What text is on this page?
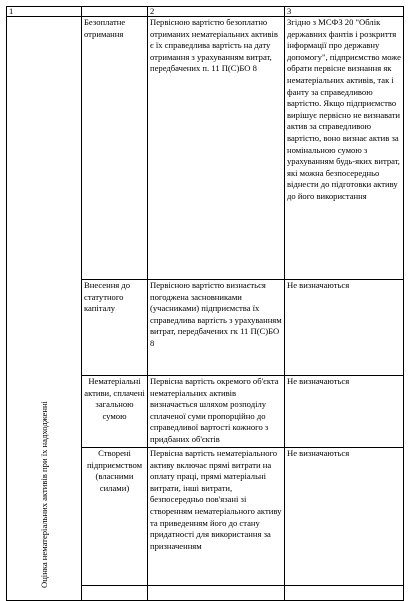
1		2	3

Оцінка нематеріальних активів при їх надходженні	Безоплатне отримання	Первісною вартістю безоплатно отриманих нематеріальних активів є їх справедлива вартість на дату отримання з урахуванням витрат, передбачених п. 11 П(С)БО 8	Згідно з МСФЗ 20 "Облік державних фантів і розкриття інформації про державну допомогу", підприємство може обрати первісне визнання як нематеріальних активів, так і фанту за справедливою вартістю. Якщо підприємство вирішує первісно не визнавати актив за справедливою вартістю, воно визнає актив за номінальною сумою з урахуванням будь-яких витрат, які можна безпосередньо віднести до підготовки активу до його використання
	Внесення до статутного капіталу	Первісною вартістю визнається погоджена засновниками (учасниками) підприємства їх справедлива вартість з урахуванням витрат, передбачених гк 11 П(С)БО 8	Не визначаються
	Нематеріальні активи, сплачені загальною сумою	Первісна вартість окремого об'єкта нематеріальних активів визначається шляхом розподілу сплаченої суми пропорційно до справедливої вартості кожного з придбаних об'єктів	Не визначаються
	Створені підприємством (власними силами)	Первісна вартість нематеріального активу включає прямі витрати на оплату праці, прямі матеріальні витрати, інші витрати, безпосередньо пов'язані зі створенням нематеріального активу та приведенням його до стану придатності для використання за призначенням	Не визначаються
